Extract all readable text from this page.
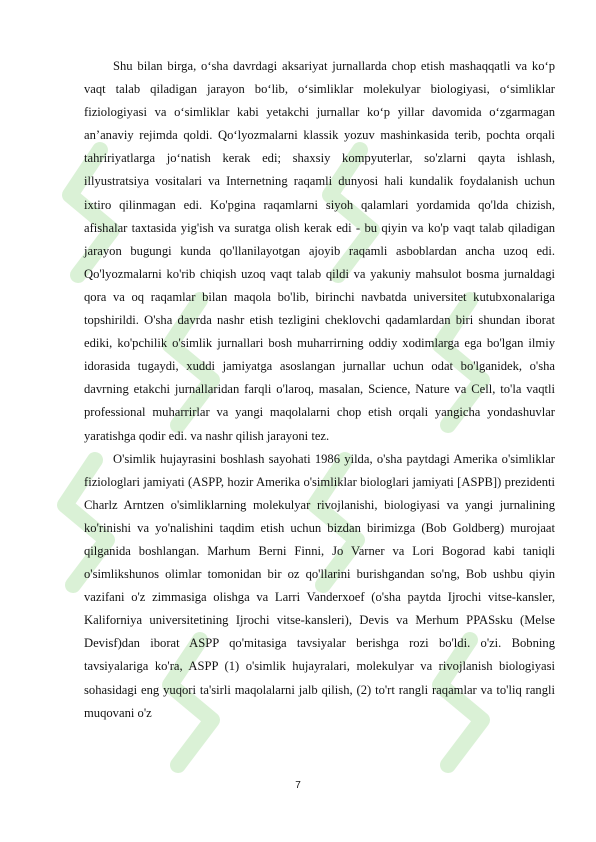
Shu bilan birga, o‘sha davrdagi aksariyat jurnallarda chop etish mashaqqatli va ko‘p vaqt talab qiladigan jarayon bo‘lib, o‘simliklar molekulyar biologiyasi, o‘simliklar fiziologiyasi va o‘simliklar kabi yetakchi jurnallar ko‘p yillar davomida o‘zgarmagan an’anaviy rejimda qoldi. Qo‘lyozmalarni klassik yozuv mashinkasida terib, pochta orqali tahririyatlarga jo‘natish kerak edi; shaxsiy kompyuterlar, so'zlarni qayta ishlash, illyustratsiya vositalari va Internetning raqamli dunyosi hali kundalik foydalanish uchun ixtiro qilinmagan edi. Ko'pgina raqamlarni siyoh qalamlari yordamida qo'lda chizish, afishalar taxtasida yig'ish va suratga olish kerak edi - bu qiyin va ko'p vaqt talab qiladigan jarayon bugungi kunda qo'llanilayotgan ajoyib raqamli asboblardan ancha uzoq edi. Qo'lyozmalarni ko'rib chiqish uzoq vaqt talab qildi va yakuniy mahsulot bosma jurnaldagi qora va oq raqamlar bilan maqola bo'lib, birinchi navbatda universitet kutubxonalariga topshirildi. O'sha davrda nashr etish tezligini cheklovchi qadamlardan biri shundan iborat ediki, ko'pchilik o'simlik jurnallari bosh muharrirning oddiy xodimlarga ega bo'lgan ilmiy idorasida tugaydi, xuddi jamiyatga asoslangan jurnallar uchun odat bo'lganidek, o'sha davrning etakchi jurnallaridan farqli o'laroq, masalan, Science, Nature va Cell, to'la vaqtli professional muharrirlar va yangi maqolalarni chop etish orqali yangicha yondashuvlar yaratishga qodir edi. va nashr qilish jarayoni tez.

O'simlik hujayrasini boshlash sayohati 1986 yilda, o'sha paytdagi Amerika o'simliklar fiziologlari jamiyati (ASPP, hozir Amerika o'simliklar biologlari jamiyati [ASPB]) prezidenti Charlz Arntzen o'simliklarning molekulyar rivojlanishi, biologiyasi va yangi jurnalining ko'rinishi va yo'nalishini taqdim etish uchun bizdan birimizga (Bob Goldberg) murojaat qilganida boshlangan. Marhum Berni Finni, Jo Varner va Lori Bogorad kabi taniqli o'simlikshunos olimlar tomonidan bir oz qo'llarini burishgandan so'ng, Bob ushbu qiyin vazifani o'z zimmasiga olishga va Larri Vanderxoef (o'sha paytda Ijrochi vitse-kansler, Kaliforniya universitetining Ijrochi vitse-kansleri), Devis va Merhum PPASsku (Melse Devisf)dan iborat ASPP qo'mitasiga tavsiyalar berishga rozi bo'ldi. o'zi. Bobning tavsiyalariga ko'ra, ASPP (1) o'simlik hujayralari, molekulyar va rivojlanish biologiyasi sohasidagi eng yuqori ta'sirli maqolalarni jalb qilish, (2) to'rt rangli raqamlar va to'liq rangli muqovani o'z

7
